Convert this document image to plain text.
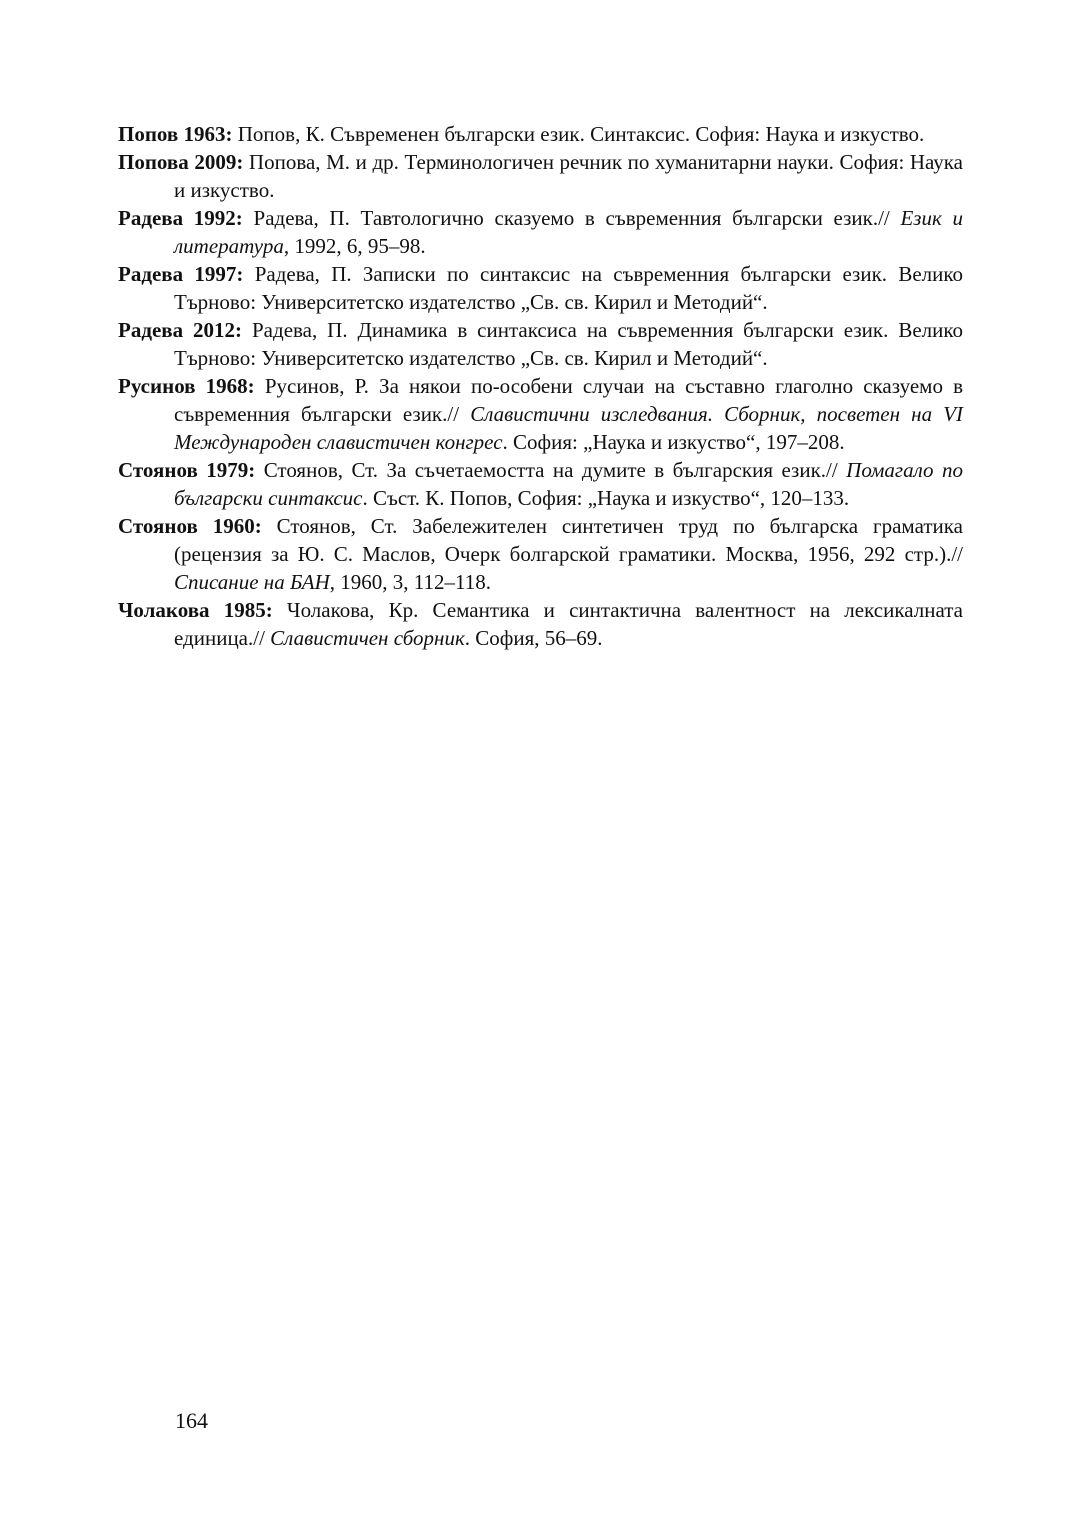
Попов 1963: Попов, К. Съвременен български език. Синтаксис. София: Наука и изкуство.

Попова 2009: Попова, М. и др. Терминологичен речник по хуманитарни науки. София: Наука и изкуство.

Радева 1992: Радева, П. Тавтологично сказуемо в съвременния български език.// Език и литература, 1992, 6, 95–98.

Радева 1997: Радева, П. Записки по синтаксис на съвременния български език. Велико Търново: Университетско издателство „Св. св. Кирил и Методий“.

Радева 2012: Радева, П. Динамика в синтаксиса на съвременния български език. Велико Търново: Университетско издателство „Св. св. Кирил и Методий“.

Русинов 1968: Русинов, Р. За някои по-особени случаи на съставно глаголно сказуемо в съвременния български език.// Славистични изследвания. Сборник, посветен на VI Международен славистичен конгрес. София: „Наука и изкуство“, 197–208.

Стоянов 1979: Стоянов, Ст. За съчетаемостта на думите в българския език.// Помагало по български синтаксис. Съст. К. Попов, София: „Наука и изкуство“, 120–133.

Стоянов 1960: Стоянов, Ст. Забележителен синтетичен труд по българска граматика (рецензия за Ю. С. Маслов, Очерк болгарской граматики. Москва, 1956, 292 стр.).// Списание на БАН, 1960, 3, 112–118.

Чолакова 1985: Чолакова, Кр. Семантика и синтактична валентност на лексикалната единица.// Славистичен сборник. София, 56–69.

164
